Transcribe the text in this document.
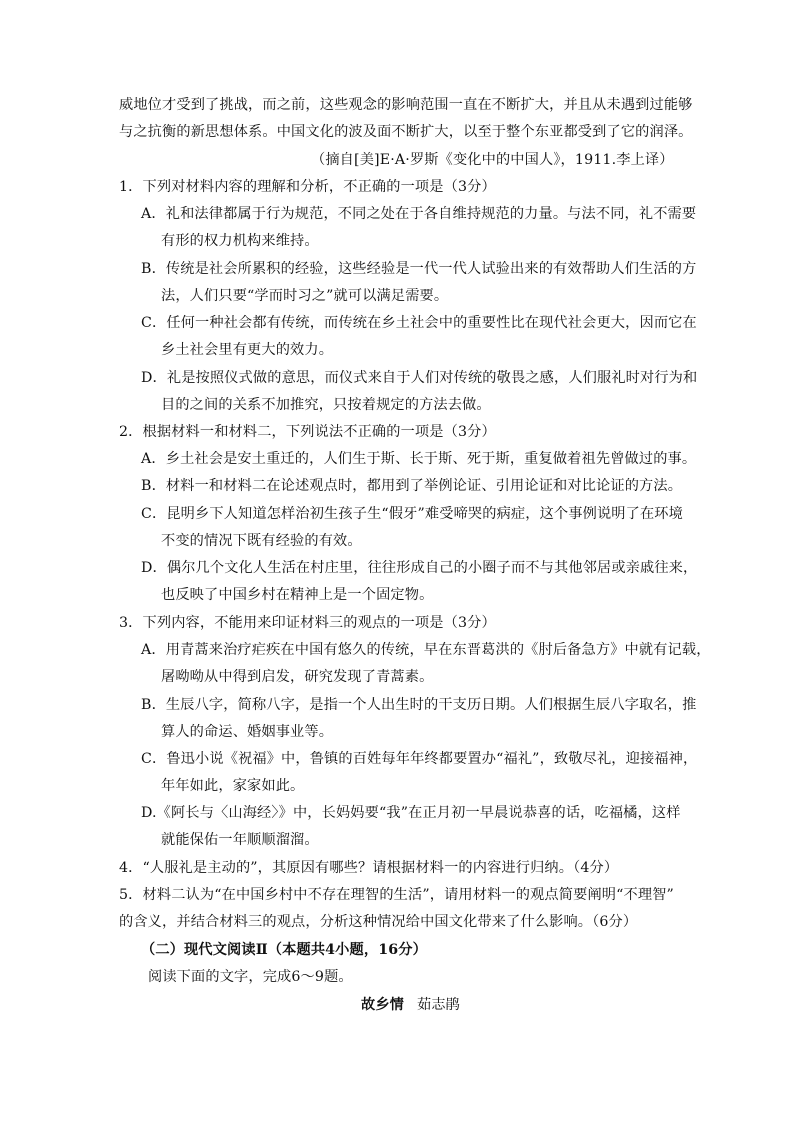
威地位才受到了挑战，而之前，这些观念的影响范围一直在不断扩大，并且从未遇到过能够
与之抗衡的新思想体系。中国文化的波及面不断扩大，以至于整个东亚都受到了它的润泽。
（摘自[美]E·A·罗斯《变化中的中国人》，1911.李上译）
1．下列对材料内容的理解和分析，不正确的一项是（3分）
A．礼和法律都属于行为规范，不同之处在于各自维持规范的力量。与法不同，礼不需要
有形的权力机构来维持。
B．传统是社会所累积的经验，这些经验是一代一代人试验出来的有效帮助人们生活的方
法，人们只要“学而时习之”就可以满足需要。
C．任何一种社会都有传统，而传统在乡土社会中的重要性比在现代社会更大，因而它在
乡土社会里有更大的效力。
D．礼是按照仪式做的意思，而仪式来自于人们对传统的敬畏之感，人们服礼时对行为和
目的之间的关系不加推究，只按着规定的方法去做。
2．根据材料一和材料二，下列说法不正确的一项是（3分）
A．乡土社会是安土重迁的，人们生于斯、长于斯、死于斯，重复做着祖先曾做过的事。
B．材料一和材料二在论述观点时，都用到了举例论证、引用论证和对比论证的方法。
C．昆明乡下人知道怎样治初生孩子生“假牙”难受啼哭的病症，这个事例说明了在环境
不变的情况下既有经验的有效。
D．偶尔几个文化人生活在村庄里，往往形成自己的小圈子而不与其他邻居或亲戚往来，
也反映了中国乡村在精神上是一个固定物。
3．下列内容，不能用来印证材料三的观点的一项是（3分）
A．用青蒿来治疗疟疾在中国有悠久的传统，早在东晋葛洪的《肘后备急方》中就有记载，
屠呦呦从中得到启发，研究发现了青蒿素。
B．生辰八字，简称八字，是指一个人出生时的干支历日期。人们根据生辰八字取名，推
算人的命运、婚姻事业等。
C．鲁迅小说《祝福》中，鲁镇的百姓每年年终都要置办“福礼”，致敬尽礼，迎接福神，
年年如此，家家如此。
D.《阿长与〈山海经〉》中，长妈妈要“我”在正月初一早晨说恭喜的话，吃福橘，这样
就能保佑一年顺顺溜溜。
4．“人服礼是主动的”，其原因有哪些？请根据材料一的内容进行归纳。（4分）
5．材料二认为“在中国乡村中不存在理智的生活”，请用材料一的观点简要阐明“不理智”
的含义，并结合材料三的观点，分析这种情况给中国文化带来了什么影响。（6分）
（二）现代文阅读Ⅱ（本题共4小题，16分）
阅读下面的文字，完成6～9题。
故乡情 茹志鹃
